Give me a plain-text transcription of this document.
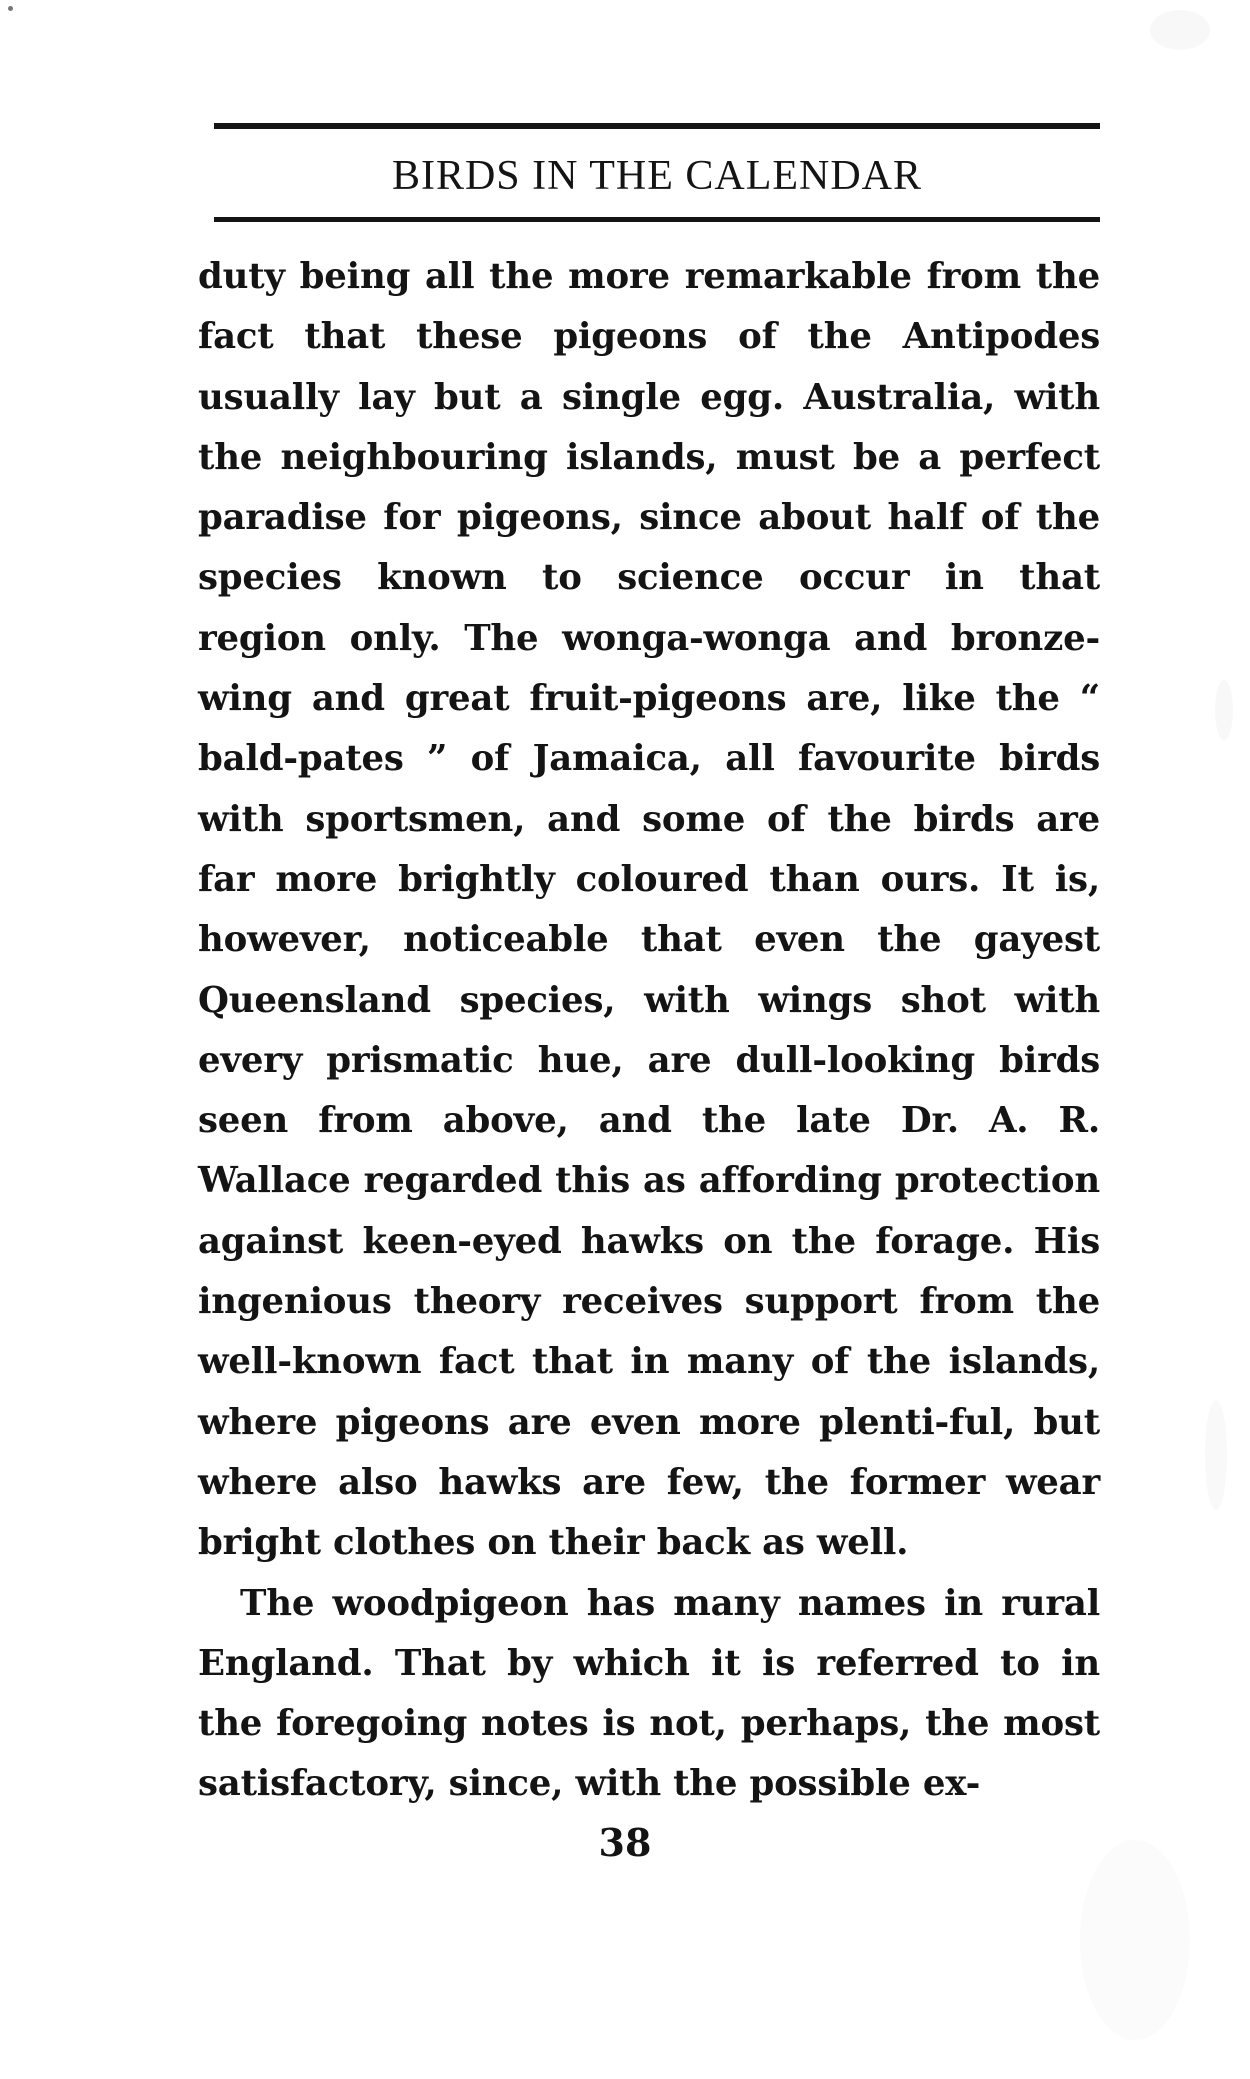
BIRDS IN THE CALENDAR

duty being all the more remarkable from the fact that these pigeons of the Antipodes usually lay but a single egg. Australia, with the neighbouring islands, must be a perfect paradise for pigeons, since about half of the species known to science occur in that region only. The wonga-wonga and bronze-wing and great fruit-pigeons are, like the “ bald-pates ” of Jamaica, all favourite birds with sportsmen, and some of the birds are far more brightly coloured than ours. It is, however, noticeable that even the gayest Queensland species, with wings shot with every prismatic hue, are dull-looking birds seen from above, and the late Dr. A. R. Wallace regarded this as affording protection against keen-eyed hawks on the forage. His ingenious theory receives support from the well-known fact that in many of the islands, where pigeons are even more plenti-ful, but where also hawks are few, the former wear bright clothes on their back as well.

The woodpigeon has many names in rural England. That by which it is referred to in the foregoing notes is not, perhaps, the most satisfactory, since, with the possible ex-

38
